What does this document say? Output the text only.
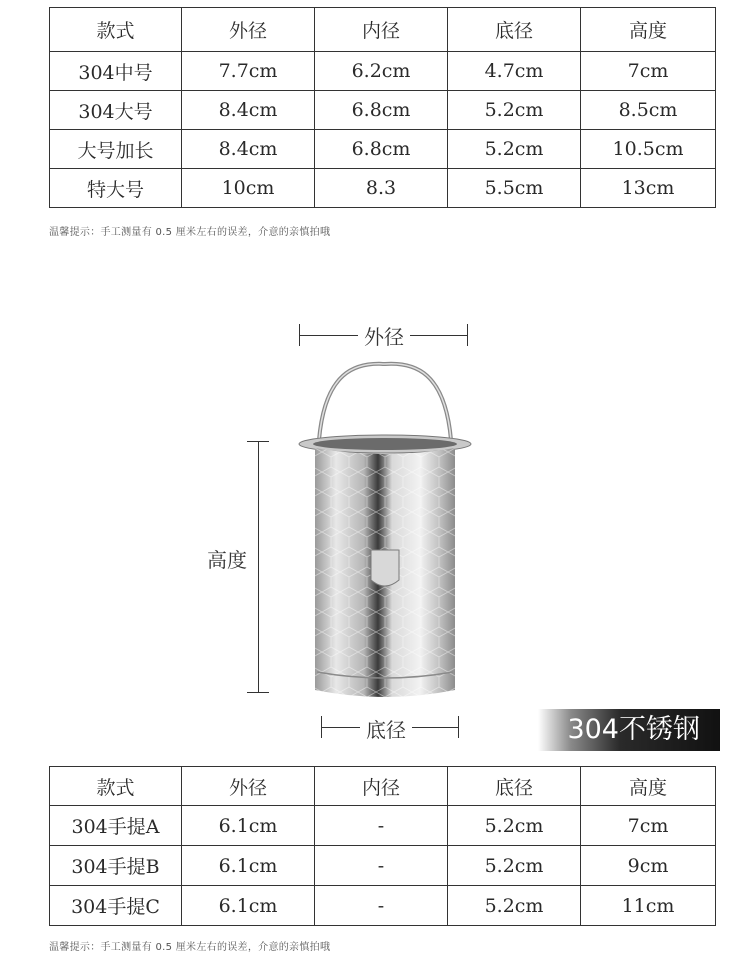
款式	外径	内径	底径	高度
304中号	7.7cm	6.2cm	4.7cm	7cm
304大号	8.4cm	6.8cm	5.2cm	8.5cm
大号加长	8.4cm	6.8cm	5.2cm	10.5cm
特大号	10cm	8.3	5.5cm	13cm
温馨提示：手工测量有 0.5 厘米左右的误差，介意的亲慎拍哦
外径
高度
底径	304不锈钢
款式	外径	内径	底径	高度
304手提A	6.1cm	-	5.2cm	7cm
304手提B	6.1cm	-	5.2cm	9cm
304手提C	6.1cm	-	5.2cm	11cm
温馨提示：手工测量有 0.5 厘米左右的误差，介意的亲慎拍哦
